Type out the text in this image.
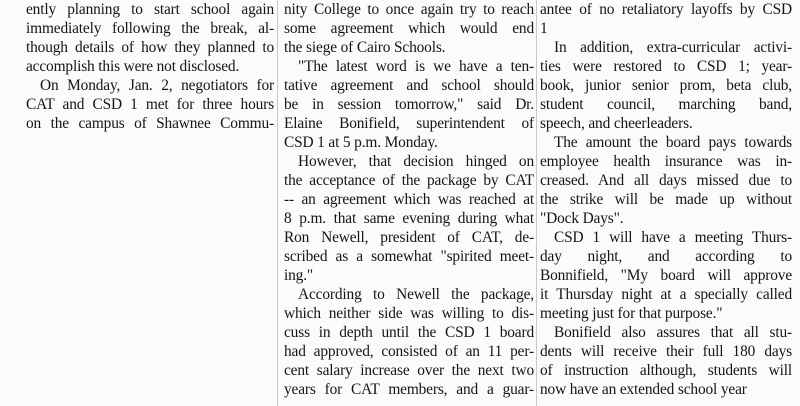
ently planning to start school again
immediately following the break, al-
though details of how they planned to
accomplish this were not disclosed.
On Monday, Jan. 2, negotiators for
CAT and CSD 1 met for three hours
on the campus of Shawnee Commu-
nity College to once again try to reach
some agreement which would end
the siege of Cairo Schools.
"The latest word is we have a ten-
tative agreement and school should
be in session tomorrow," said Dr.
Elaine Bonifield, superintendent of
CSD 1 at 5 p.m. Monday.
However, that decision hinged on
the acceptance of the package by CAT
-- an agreement which was reached at
8 p.m. that same evening during what
Ron Newell, president of CAT, de-
scribed as a somewhat "spirited meet-
ing."
According to Newell the package,
which neither side was willing to dis-
cuss in depth until the CSD 1 board
had approved, consisted of an 11 per-
cent salary increase over the next two
years for CAT members, and a guar-
antee of no retaliatory layoffs by CSD
1
In addition, extra-curricular activi-
ties were restored to CSD 1; year-
book, junior senior prom, beta club,
student council, marching band,
speech, and cheerleaders.
The amount the board pays towards
employee health insurance was in-
creased. And all days missed due to
the strike will be made up without
"Dock Days".
CSD 1 will have a meeting Thurs-
day night, and according to
Bonnifield, "My board will approve
it Thursday night at a specially called
meeting just for that purpose."
Bonifield also assures that all stu-
dents will receive their full 180 days
of instruction although, students will
now have an extended school year
